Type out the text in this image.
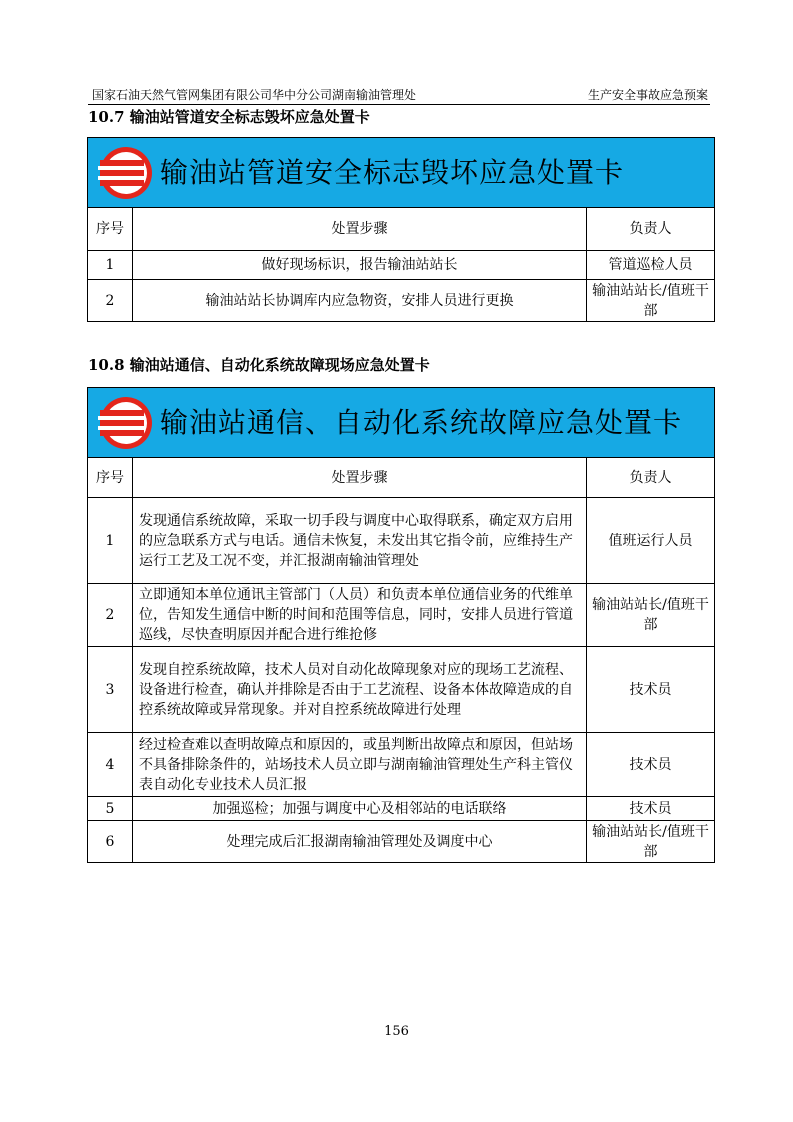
国家石油天然气管网集团有限公司华中分公司湖南输油管理处	生产安全事故应急预案
10.7 输油站管道安全标志毁坏应急处置卡
输油站管道安全标志毁坏应急处置卡		

序号	处置步骤	负责人
1	做好现场标识，报告输油站站长	管道巡检人员
2	输油站站长协调库内应急物资，安排人员进行更换	输油站站长/值班干部
10.8 输油站通信、自动化系统故障现场应急处置卡
输油站通信、自动化系统故障应急处置卡		

序号	处置步骤	负责人
1	发现通信系统故障，采取一切手段与调度中心取得联系，确定双方启用的应急联系方式与电话。通信未恢复，未发出其它指令前，应维持生产运行工艺及工况不变，并汇报湖南输油管理处	值班运行人员
2	立即通知本单位通讯主管部门（人员）和负责本单位通信业务的代维单位，告知发生通信中断的时间和范围等信息，同时，安排人员进行管道巡线，尽快查明原因并配合进行维抢修	输油站站长/值班干部
3	发现自控系统故障，技术人员对自动化故障现象对应的现场工艺流程、设备进行检查，确认并排除是否由于工艺流程、设备本体故障造成的自控系统故障或异常现象。并对自控系统故障进行处理	技术员
4	经过检查难以查明故障点和原因的，或虽判断出故障点和原因，但站场不具备排除条件的，站场技术人员立即与湖南输油管理处生产科主管仪表自动化专业技术人员汇报	技术员
5	加强巡检；加强与调度中心及相邻站的电话联络	技术员
6	处理完成后汇报湖南输油管理处及调度中心	输油站站长/值班干部
156
